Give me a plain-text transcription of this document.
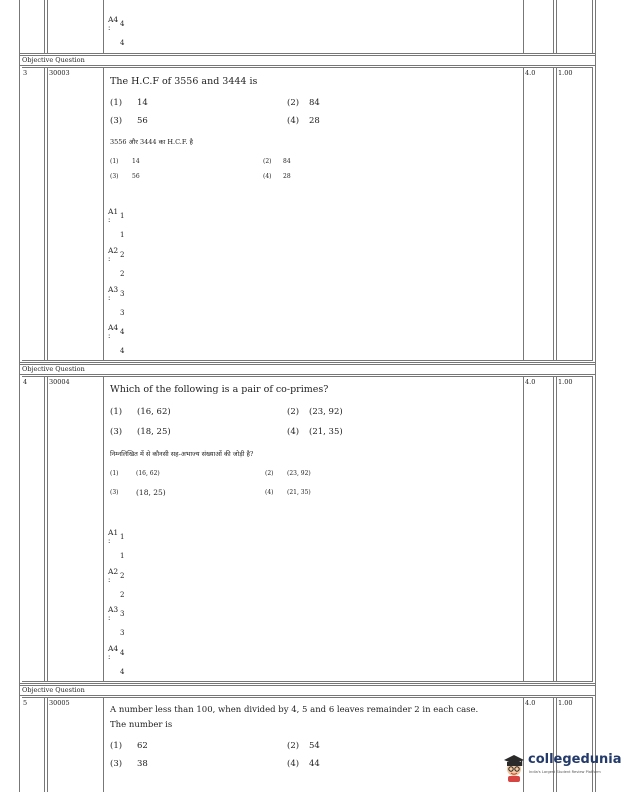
A4 4
:
4
Objective Question
3	30003	4.0	1.00
The H.C.F of 3556 and 3444 is
(1) 14	(2) 84
(3) 56	(4) 28
3556 और 3444 का H.C.F. है
(1) 14	(2) 84
(3) 56	(4) 28
A1 1
:
1
A2 2
:
2
A3 3
:
3
A4 4
:
4
Objective Question
4	30004	4.0	1.00
Which of the following is a pair of co-primes?
(1) (16, 62)	(2) (23, 92)
(3) (18, 25)	(4) (21, 35)
निम्नलिखित में से कौनसी सह-अभाज्य संख्याओं की जोड़ी है?
(1)	(16, 62)	(2) (23, 92)
(3) (18, 25)	(4) (21, 35)
A1 1
:
1
A2 2
:
2
A3 3
:
3
A4 4
:
4
Objective Question
5	30005	4.0	1.00
A number less than 100, when divided by 4, 5 and 6 leaves remainder 2 in each case.
The number is
(1) 62	(2) 54
(3) 38	(4) 44	collegedunia
India's Largest Student Review Platform
